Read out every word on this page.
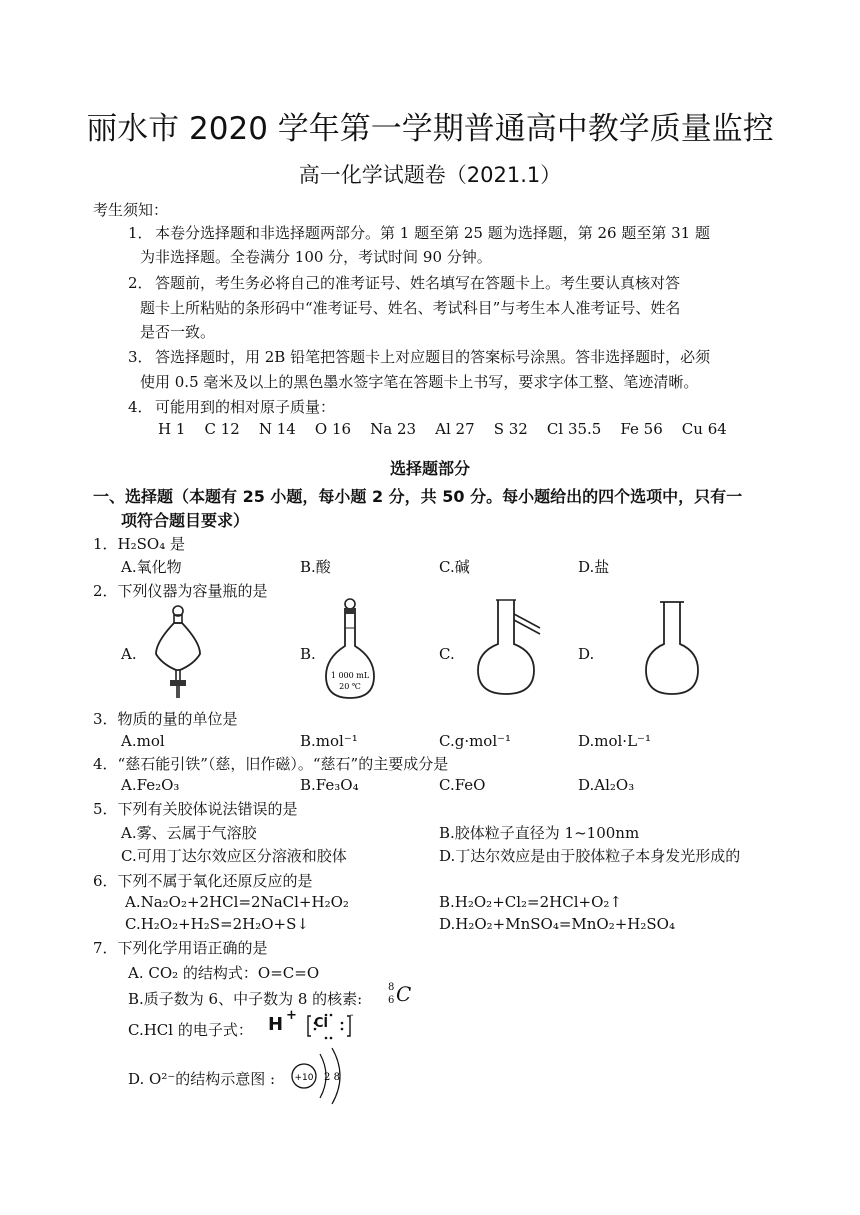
丽水市 2020 学年第一学期普通高中教学质量监控
高一化学试题卷（2021.1）
考生须知：
1． 本卷分选择题和非选择题两部分。第 1 题至第 25 题为选择题，第 26 题至第 31 题
为非选择题。全卷满分 100 分，考试时间 90 分钟。
2． 答题前，考生务必将自己的准考证号、姓名填写在答题卡上。考生要认真核对答
题卡上所粘贴的条形码中“准考证号、姓名、考试科目”与考生本人准考证号、姓名
是否一致。
3． 答选择题时，用 2B 铅笔把答题卡上对应题目的答案标号涂黑。答非选择题时，必须
使用 0.5 毫米及以上的黑色墨水签字笔在答题卡上书写，要求字体工整、笔迹清晰。
4． 可能用到的相对原子质量：
H 1    C 12    N 14    O 16    Na 23    Al 27    S 32    Cl 35.5    Fe 56    Cu 64
选择题部分
一、选择题（本题有 25 小题，每小题 2 分，共 50 分。每小题给出的四个选项中，只有一
项符合题目要求）
1．H₂SO₄ 是
A.氧化物	B.酸	C.碱	D.盐
2．下列仪器为容量瓶的是
A.	B.	C.	D.
1 000 mL
20 ℃
3．物质的量的单位是
A.mol	B.mol⁻¹	C.g·mol⁻¹	D.mol·L⁻¹
4．“慈石能引铁”（慈，旧作磁）。“慈石”的主要成分是
A.Fe₂O₃	B.Fe₃O₄	C.FeO	D.Al₂O₃
5．下列有关胶体说法错误的是
A.雾、云属于气溶胶	B.胶体粒子直径为 1~100nm
C.可用丁达尔效应区分溶液和胶体	D.丁达尔效应是由于胶体粒子本身发光形成的
6．下列不属于氧化还原反应的是
A.Na₂O₂+2HCl=2NaCl+H₂O₂	B.H₂O₂+Cl₂=2HCl+O₂↑
C.H₂O₂+H₂S=2H₂O+S↓	D.H₂O₂+MnSO₄=MnO₂+H₂SO₄
7．下列化学用语正确的是
A. CO₂ 的结构式：O=C=O
B.质子数为 6、中子数为 8 的核素:
8
6 C
C.HCl 的电子式： H +
Cl
-
D. O²⁻的结构示意图 : +10 2 8
